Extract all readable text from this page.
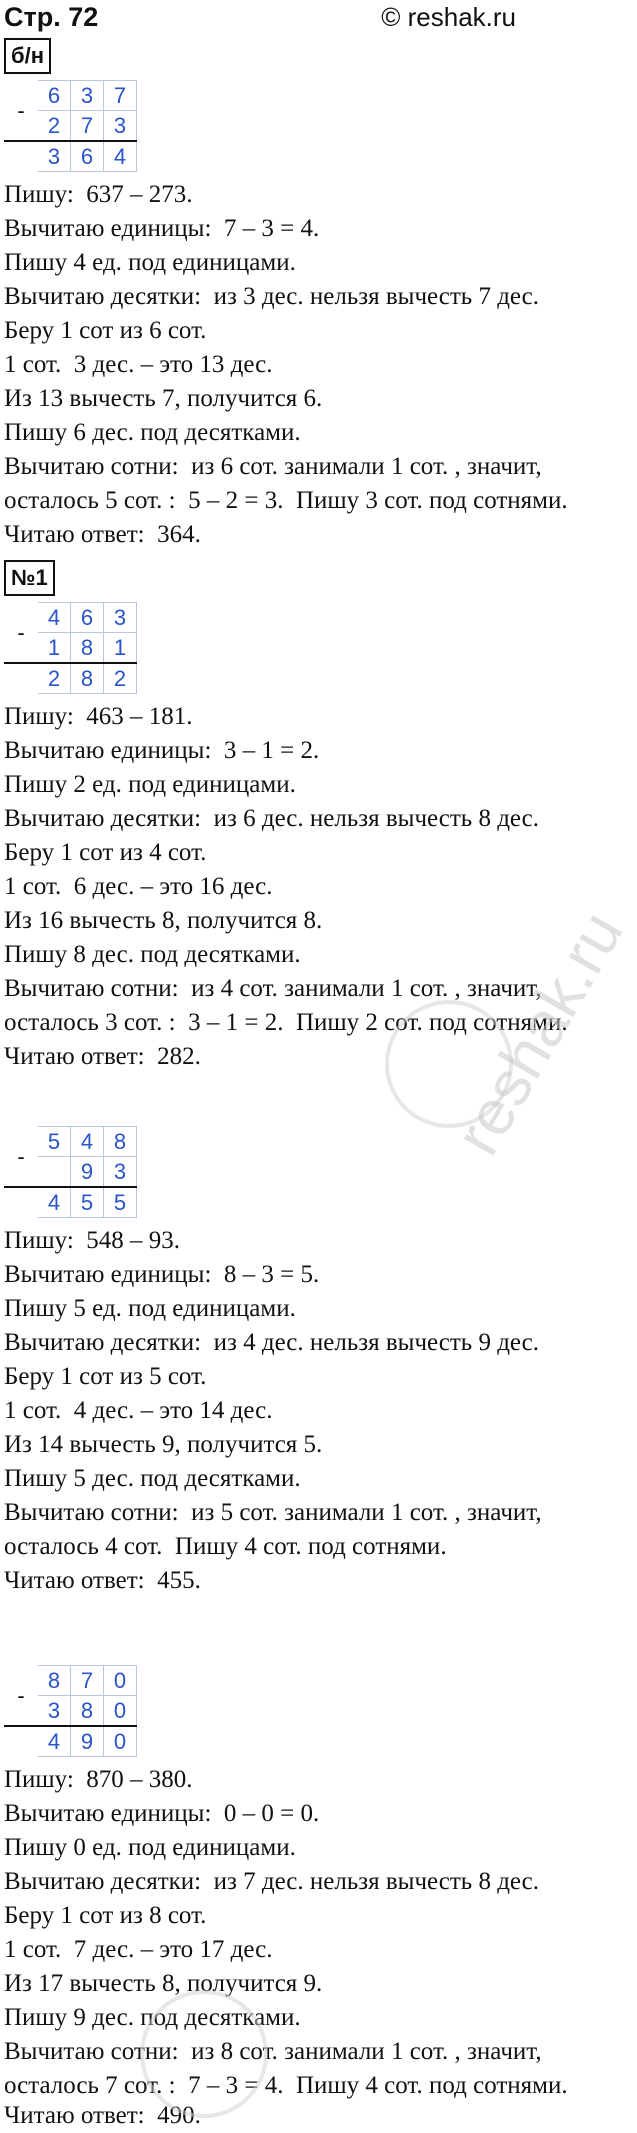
Стр. 72	© reshak.ru
б/н
-	6	3	7
	2	7	3
	3	6	4
Пишу:  637 – 273.
Вычитаю единицы:  7 – 3 = 4.
Пишу 4 ед. под единицами.
Вычитаю десятки:  из 3 дес. нельзя вычесть 7 дес.
Беру 1 сот из 6 сот.
1 сот.  3 дес. – это 13 дес.
Из 13 вычесть 7, получится 6.
Пишу 6 дес. под десятками.
Вычитаю сотни:  из 6 сот. занимали 1 сот. , значит,
осталось 5 сот. :  5 – 2 = 3.  Пишу 3 сот. под сотнями.
Читаю ответ:  364.
№1
-	4	6	3
	1	8	1
	2	8	2
Пишу:  463 – 181.
Вычитаю единицы:  3 – 1 = 2.
Пишу 2 ед. под единицами.
Вычитаю десятки:  из 6 дес. нельзя вычесть 8 дес.
Беру 1 сот из 4 сот.
1 сот.  6 дес. – это 16 дес.
Из 16 вычесть 8, получится 8.
Пишу 8 дес. под десятками.
Вычитаю сотни:  из 4 сот. занимали 1 сот. , значит,
осталось 3 сот. :  3 – 1 = 2.  Пишу 2 сот. под сотнями.
Читаю ответ:  282.
-	5	4	8
		9	3
	4	5	5
Пишу:  548 – 93.
Вычитаю единицы:  8 – 3 = 5.
Пишу 5 ед. под единицами.
Вычитаю десятки:  из 4 дес. нельзя вычесть 9 дес.
Беру 1 сот из 5 сот.
1 сот.  4 дес. – это 14 дес.
Из 14 вычесть 9, получится 5.
Пишу 5 дес. под десятками.
Вычитаю сотни:  из 5 сот. занимали 1 сот. , значит,
осталось 4 сот.  Пишу 4 сот. под сотнями.
Читаю ответ:  455.
-	8	7	0
	3	8	0
	4	9	0
Пишу:  870 – 380.
Вычитаю единицы:  0 – 0 = 0.
Пишу 0 ед. под единицами.
Вычитаю десятки:  из 7 дес. нельзя вычесть 8 дес.
Беру 1 сот из 8 сот.
1 сот.  7 дес. – это 17 дес.
Из 17 вычесть 8, получится 9.
Пишу 9 дес. под десятками.
Вычитаю сотни:  из 8 сот. занимали 1 сот. , значит,
осталось 7 сот. :  7 – 3 = 4.  Пишу 4 сот. под сотнями.
Читаю ответ:  490.
reshak.ru
